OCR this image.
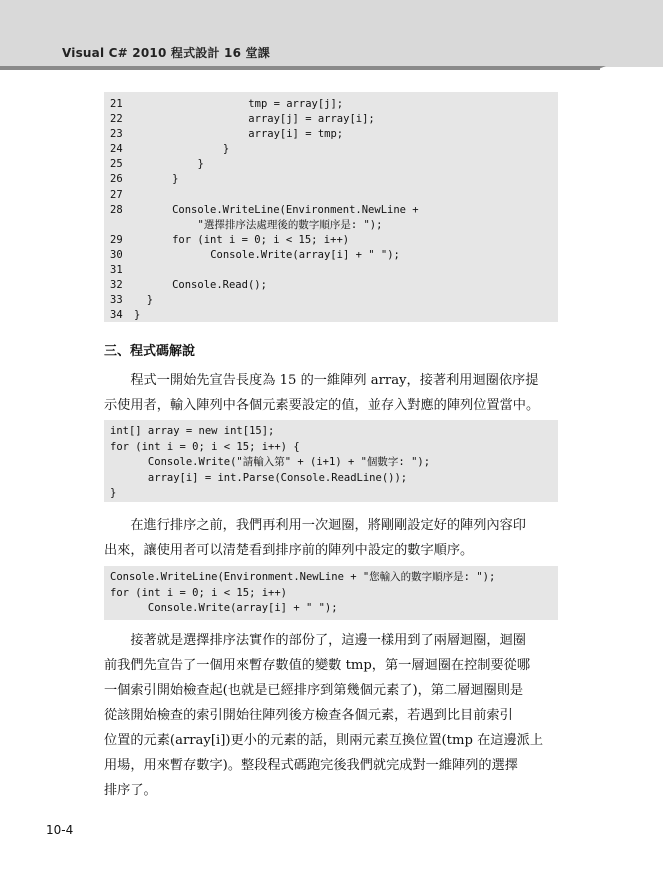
Visual C# 2010 程式設計 16 堂課
21	tmp = array[j];
22	array[j] = array[i];
23	array[i] = tmp;
24	}
25	}
26	}
27
28	Console.WriteLine(Environment.NewLine +
"選擇排序法處理後的數字順序是: ");
29	for (int i = 0; i < 15; i++)
30	Console.Write(array[i] + " ");
31
32	Console.Read();
33	}
34	}
三、程式碼解說
　　程式一開始先宣告長度為 15 的一維陣列 array，接著利用迴圈依序提
示使用者，輸入陣列中各個元素要設定的值，並存入對應的陣列位置當中。
int[] array = new int[15];
for (int i = 0; i < 15; i++) {
Console.Write("請輸入第" + (i+1) + "個數字: ");
array[i] = int.Parse(Console.ReadLine());
}
　　在進行排序之前，我們再利用一次迴圈，將剛剛設定好的陣列內容印
出來，讓使用者可以清楚看到排序前的陣列中設定的數字順序。
Console.WriteLine(Environment.NewLine + "您輸入的數字順序是: ");
for (int i = 0; i < 15; i++)
Console.Write(array[i] + " ");
　　接著就是選擇排序法實作的部份了，這邊一樣用到了兩層迴圈，迴圈
前我們先宣告了一個用來暫存數值的變數 tmp，第一層迴圈在控制要從哪
一個索引開始檢查起(也就是已經排序到第幾個元素了)，第二層迴圈則是
從該開始檢查的索引開始往陣列後方檢查各個元素，若遇到比目前索引
位置的元素(array[i])更小的元素的話，則兩元素互換位置(tmp 在這邊派上
用場，用來暫存數字)。整段程式碼跑完後我們就完成對一維陣列的選擇
排序了。
10-4
